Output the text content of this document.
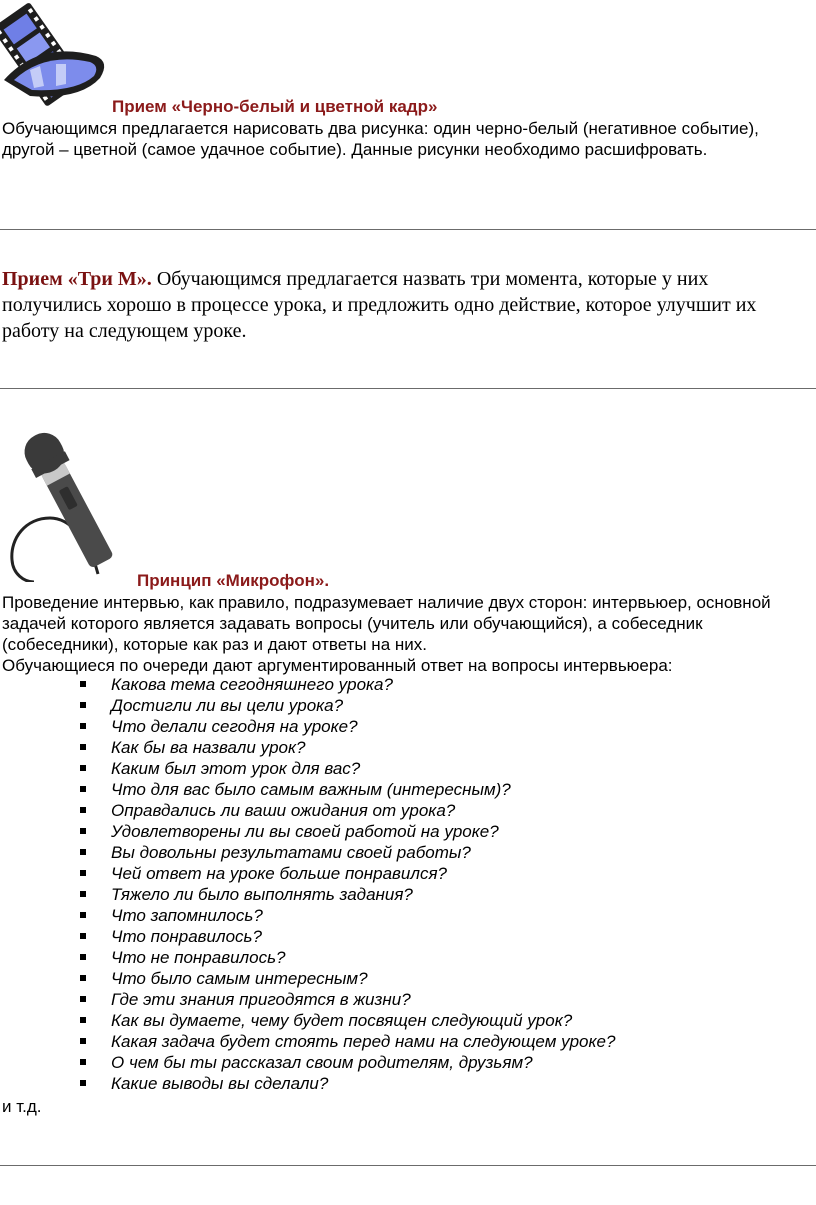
Прием «Черно-белый и цветной кадр»

Обучающимся предлагается нарисовать два рисунка: один черно-белый (негативное событие), другой – цветной (самое удачное событие). Данные рисунки необходимо расшифровать.

Прием «Три М». Обучающимся предлагается назвать три момента, которые у них получились хорошо в процессе урока, и предложить одно действие, которое улучшит их работу на следующем уроке.

Принцип «Микрофон».

Проведение интервью, как правило, подразумевает наличие двух сторон: интервьюер, основной задачей которого является задавать вопросы (учитель или обучающийся), а собеседник (собеседники), которые как раз и дают ответы на них.

Обучающиеся по очереди дают аргументированный ответ на вопросы интервьюера:

Какова тема сегодняшнего урока?
Достигли ли вы цели урока?
Что делали сегодня на уроке?
Как бы ва назвали урок?
Каким был этот урок для вас?
Что для вас было самым важным (интересным)?
Оправдались ли ваши ожидания от урока?
Удовлетворены ли вы своей работой на уроке?
Вы довольны результатами своей работы?
Чей ответ на уроке больше понравился?
Тяжело ли было выполнять задания?
Что запомнилось?
Что понравилось?
Что не понравилось?
Что было самым интересным?
Где эти знания пригодятся в жизни?
Как вы думаете, чему будет посвящен следующий урок?
Какая задача будет стоять перед нами на следующем уроке?
О чем бы ты рассказал своим родителям, друзьям?
Какие выводы вы сделали?
и т.д.
